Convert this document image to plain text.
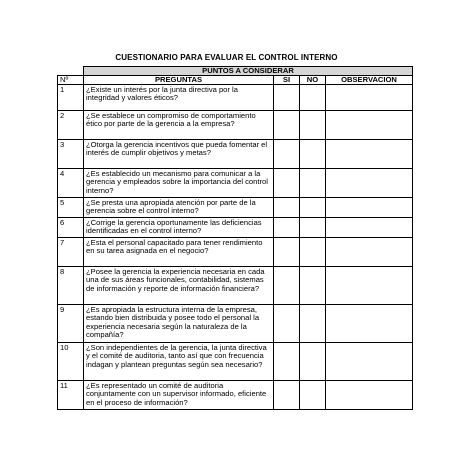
CUESTIONARIO PARA EVALUAR EL CONTROL INTERNO
	PUNTOS A CONSIDERAR			
Nº	PREGUNTAS	SI	NO	OBSERVACION
1	¿Existe un interés por la junta directiva por la integridad y valores éticos?			
2	¿Se establece un compromiso de comportamiento ético por parte de la gerencia a la empresa?			
3	¿Otorga la gerencia incentivos que pueda fomentar el interés de cumplir objetivos y metas?			
4	¿Es establecido un mecanismo para comunicar a la gerencia y empleados sobre la importancia del control interno?			
5	¿Se presta una apropiada atención por parte de la gerencia sobre el control interno?			
6	¿Corrige la gerencia oportunamente las deficiencias identificadas en el control interno?			
7	¿Esta el personal capacitado para tener rendimiento en su tarea asignada en el negocio?			
8	¿Posee la gerencia la experiencia necesaria en cada una de sus áreas funcionales, contabilidad, sistemas de información y reporte de información financiera?			
9	¿Es apropiada la estructura interna de la empresa, estando bien distribuida y posee todo el personal la experiencia necesaria según la naturaleza de la compañía?			
10	¿Son independientes de la gerencia, la junta directiva y el comité de auditoria, tanto así que con frecuencia indagan y plantean preguntas según sea necesario?			
11	¿Es representado un comité de auditoria conjuntamente con un supervisor informado, eficiente en el proceso de información?			
